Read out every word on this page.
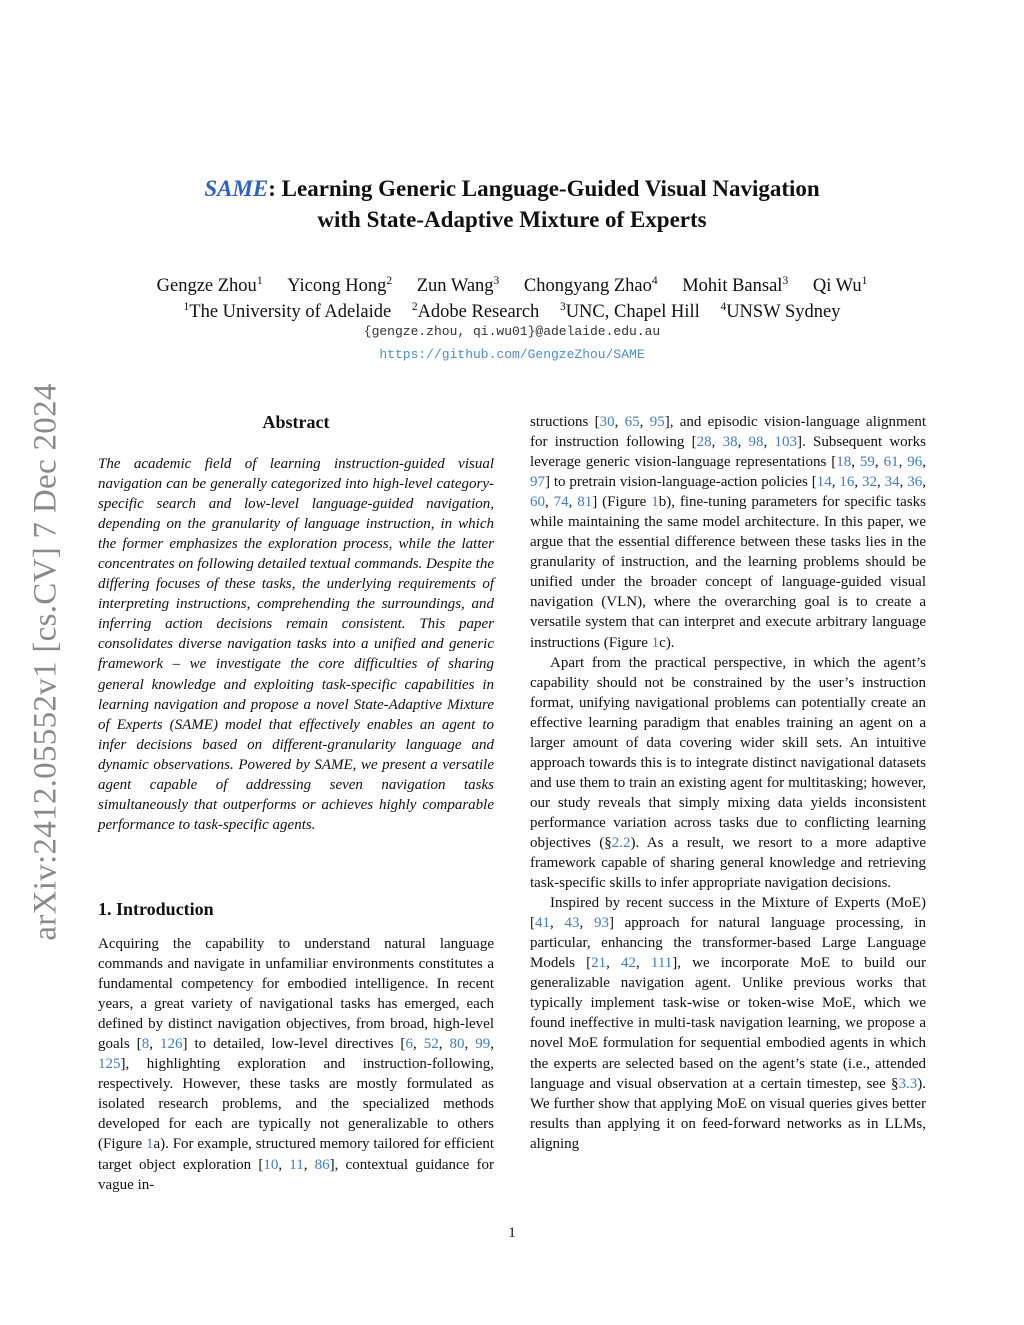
arXiv:2412.05552v1 [cs.CV] 7 Dec 2024
SAME: Learning Generic Language-Guided Visual Navigation
with State-Adaptive Mixture of Experts
Gengze Zhou$^1$ Yicong Hong$^2$ Zun Wang$^3$ Chongyang Zhao$^4$ Mohit Bansal$^3$ Qi Wu$^1$
$^1$The University of Adelaide $^2$Adobe Research $^3$UNC, Chapel Hill $^4$UNSW Sydney
{gengze.zhou, qi.wu01}@adelaide.edu.au
https://github.com/GengzeZhou/SAME
Abstract

The academic field of learning instruction-guided visual navigation can be generally categorized into high-level category-specific search and low-level language-guided navigation, depending on the granularity of language instruction, in which the former emphasizes the exploration process, while the latter concentrates on following detailed textual commands. Despite the differing focuses of these tasks, the underlying requirements of interpreting instructions, comprehending the surroundings, and inferring action decisions remain consistent. This paper consolidates diverse navigation tasks into a unified and generic framework – we investigate the core difficulties of sharing general knowledge and exploiting task-specific capabilities in learning navigation and propose a novel State-Adaptive Mixture of Experts (SAME) model that effectively enables an agent to infer decisions based on different-granularity language and dynamic observations. Powered by SAME, we present a versatile agent capable of addressing seven navigation tasks simultaneously that outperforms or achieves highly comparable performance to task-specific agents.

1. Introduction

Acquiring the capability to understand natural language commands and navigate in unfamiliar environments constitutes a fundamental competency for embodied intelligence. In recent years, a great variety of navigational tasks has emerged, each defined by distinct navigation objectives, from broad, high-level goals [8, 126] to detailed, low-level directives [6, 52, 80, 99, 125], highlighting exploration and instruction-following, respectively. However, these tasks are mostly formulated as isolated research problems, and the specialized methods developed for each are typically not generalizable to others (Figure 1a). For example, structured memory tailored for efficient target object exploration [10, 11, 86], contextual guidance for vague in-

structions [30, 65, 95], and episodic vision-language alignment for instruction following [28, 38, 98, 103]. Subsequent works leverage generic vision-language representations [18, 59, 61, 96, 97] to pretrain vision-language-action policies [14, 16, 32, 34, 36, 60, 74, 81] (Figure 1b), fine-tuning parameters for specific tasks while maintaining the same model architecture. In this paper, we argue that the essential difference between these tasks lies in the granularity of instruction, and the learning problems should be unified under the broader concept of language-guided visual navigation (VLN), where the overarching goal is to create a versatile system that can interpret and execute arbitrary language instructions (Figure 1c).

Apart from the practical perspective, in which the agent’s capability should not be constrained by the user’s instruction format, unifying navigational problems can potentially create an effective learning paradigm that enables training an agent on a larger amount of data covering wider skill sets. An intuitive approach towards this is to integrate distinct navigational datasets and use them to train an existing agent for multitasking; however, our study reveals that simply mixing data yields inconsistent performance variation across tasks due to conflicting learning objectives (§2.2). As a result, we resort to a more adaptive framework capable of sharing general knowledge and retrieving task-specific skills to infer appropriate navigation decisions.

Inspired by recent success in the Mixture of Experts (MoE) [41, 43, 93] approach for natural language processing, in particular, enhancing the transformer-based Large Language Models [21, 42, 111], we incorporate MoE to build our generalizable navigation agent. Unlike previous works that typically implement task-wise or token-wise MoE, which we found ineffective in multi-task navigation learning, we propose a novel MoE formulation for sequential embodied agents in which the experts are selected based on the agent’s state (i.e., attended language and visual observation at a certain timestep, see §3.3). We further show that applying MoE on visual queries gives better results than applying it on feed-forward networks as in LLMs, aligning

1
